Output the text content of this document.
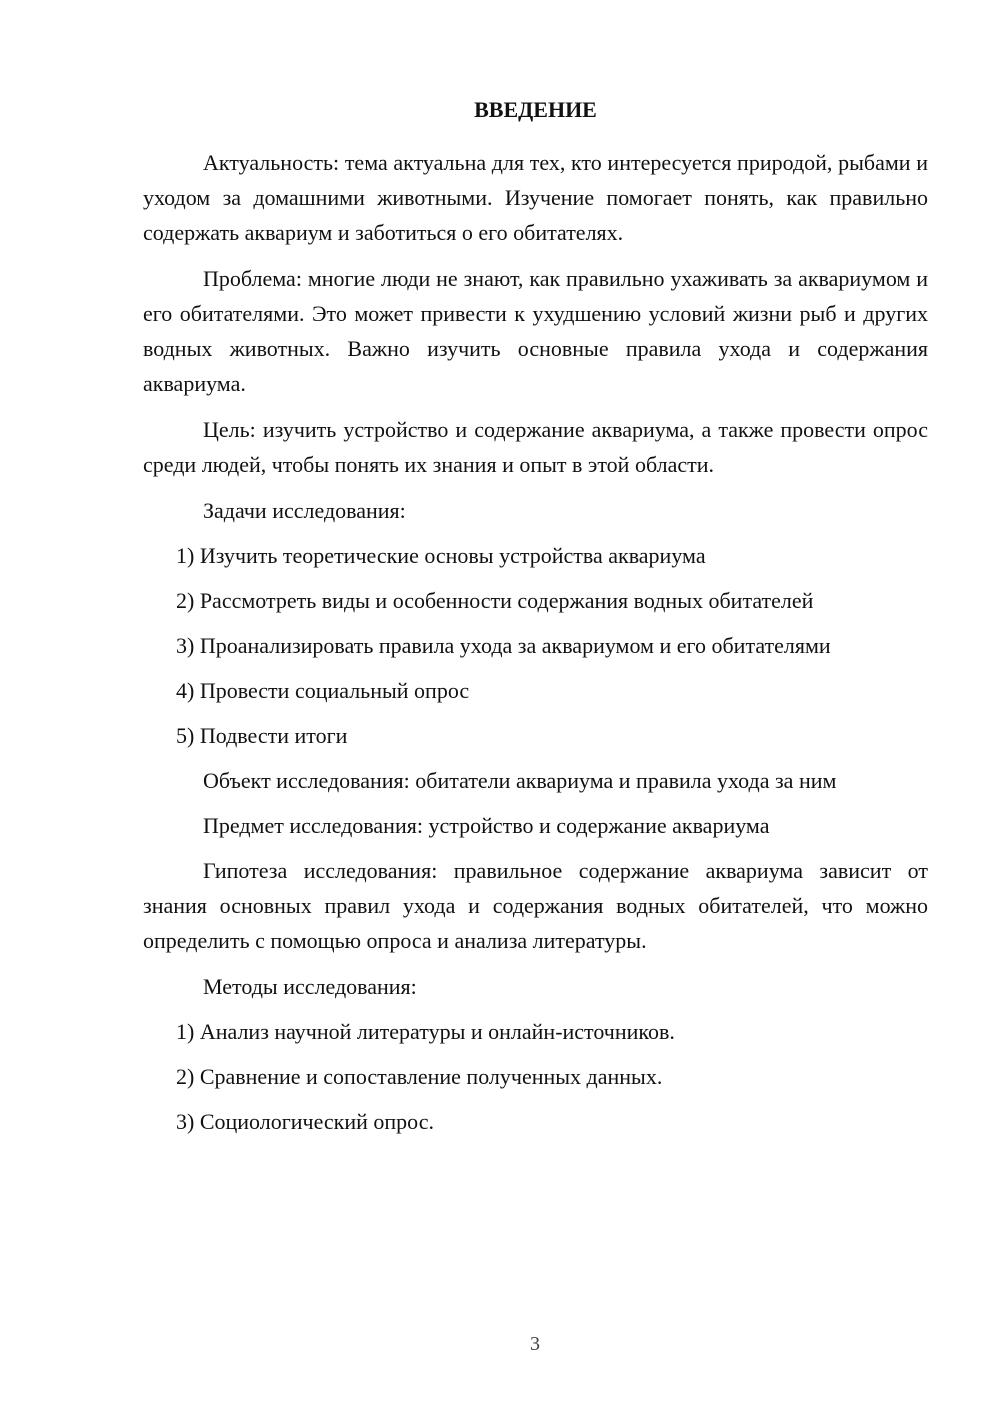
ВВЕДЕНИЕ

Актуальность: тема актуальна для тех, кто интересуется природой, рыбами и уходом за домашними животными. Изучение помогает понять, как правильно содержать аквариум и заботиться о его обитателях.

Проблема: многие люди не знают, как правильно ухаживать за аквариумом и его обитателями. Это может привести к ухудшению условий жизни рыб и других водных животных. Важно изучить основные правила ухода и содержания аквариума.

Цель: изучить устройство и содержание аквариума, а также провести опрос среди людей, чтобы понять их знания и опыт в этой области.

Задачи исследования:

1) Изучить теоретические основы устройства аквариума
2) Рассмотреть виды и особенности содержания водных обитателей
3) Проанализировать правила ухода за аквариумом и его обитателями
4) Провести социальный опрос
5) Подвести итоги

Объект исследования: обитатели аквариума и правила ухода за ним

Предмет исследования: устройство и содержание аквариума

Гипотеза исследования: правильное содержание аквариума зависит от знания основных правил ухода и содержания водных обитателей, что можно определить с помощью опроса и анализа литературы.

Методы исследования:

1) Анализ научной литературы и онлайн-источников.
2) Сравнение и сопоставление полученных данных.
3) Социологический опрос.
3
